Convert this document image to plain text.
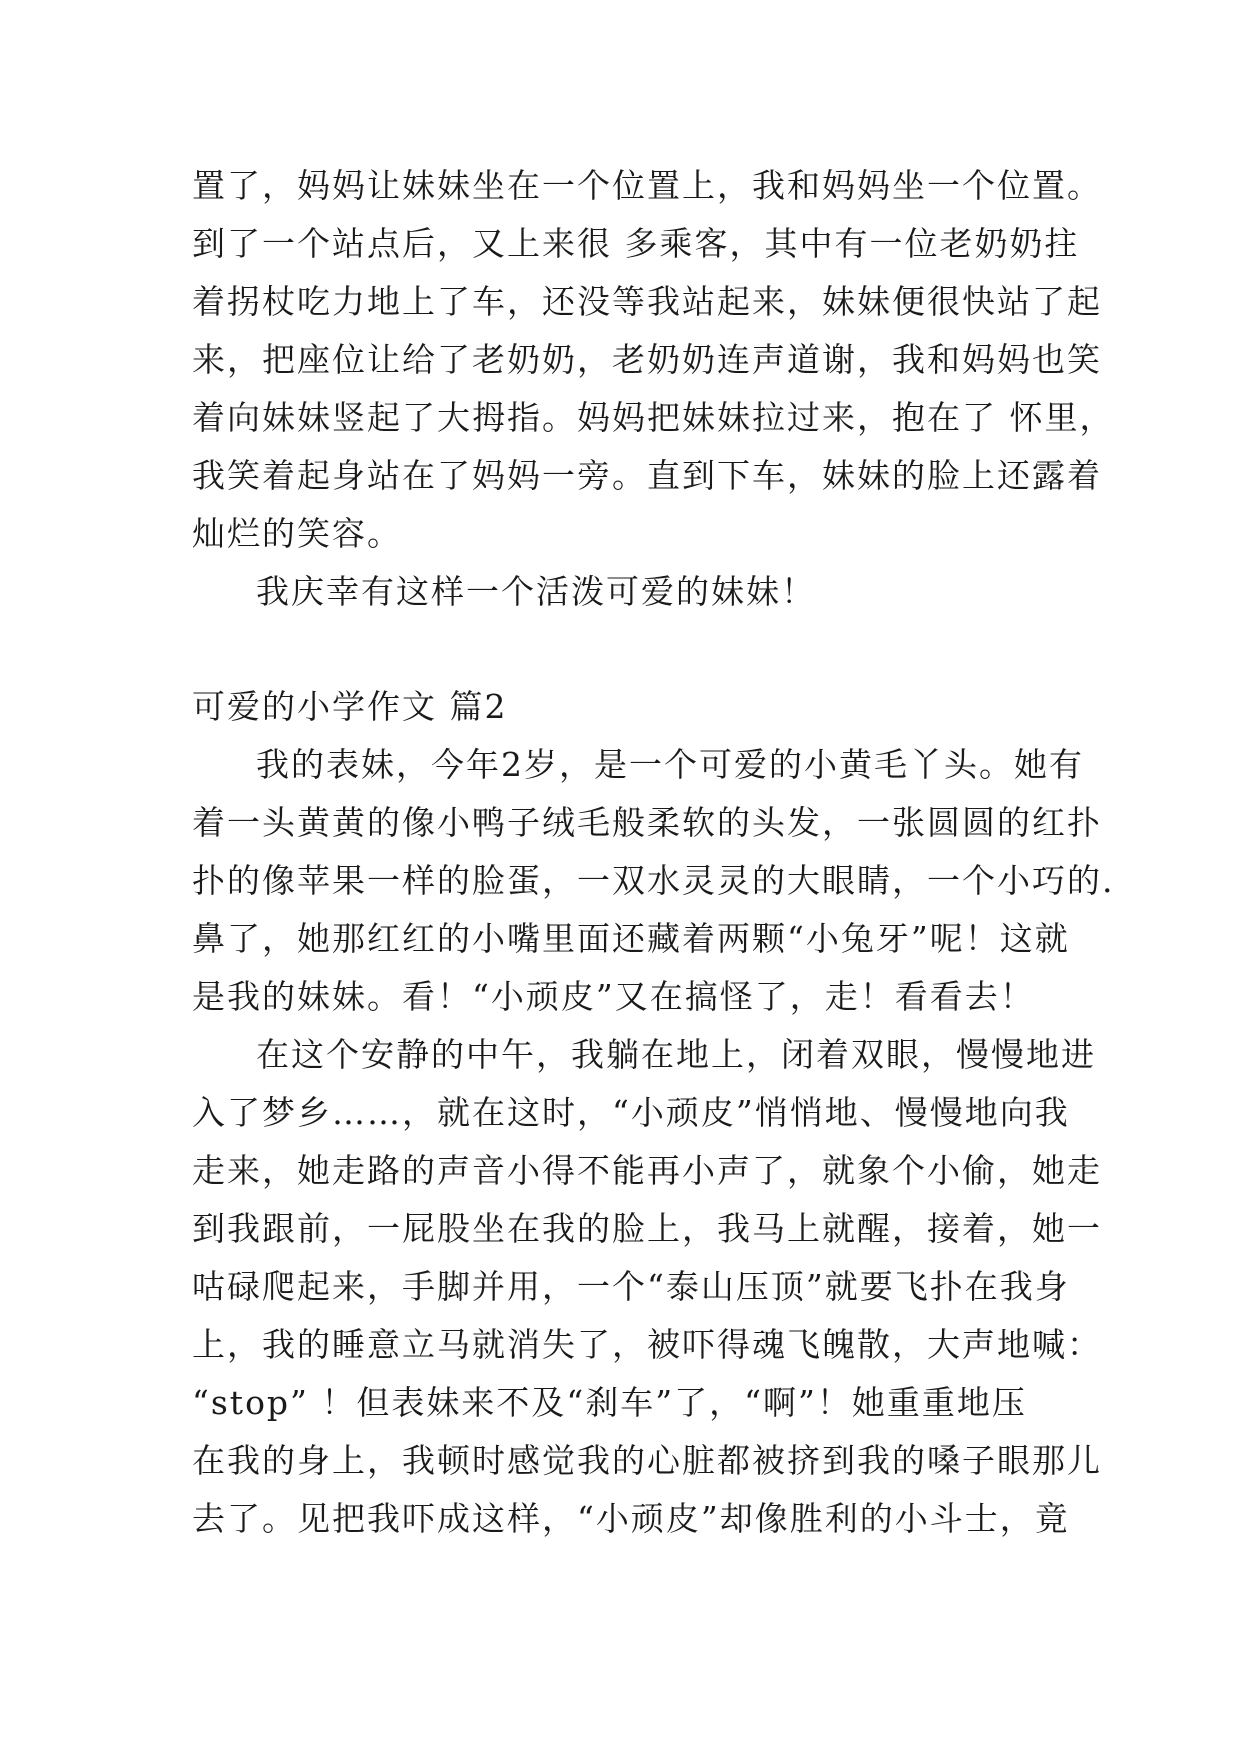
置了，妈妈让妹妹坐在一个位置上，我和妈妈坐一个位置。
到了一个站点后，又上来很 多乘客，其中有一位老奶奶拄
着拐杖吃力地上了车，还没等我站起来，妹妹便很快站了起
来，把座位让给了老奶奶，老奶奶连声道谢，我和妈妈也笑
着向妹妹竖起了大拇指。妈妈把妹妹拉过来，抱在了 怀里，
我笑着起身站在了妈妈一旁。直到下车，妹妹的脸上还露着
灿烂的笑容。
我庆幸有这样一个活泼可爱的妹妹！
可爱的小学作文 篇2
我的表妹，今年2岁，是一个可爱的小黄毛丫头。她有
着一头黄黄的像小鸭子绒毛般柔软的头发，一张圆圆的红扑
扑的像苹果一样的脸蛋，一双水灵灵的大眼睛，一个小巧的.
鼻了，她那红红的小嘴里面还藏着两颗“小兔牙”呢！这就
是我的妹妹。看！“小顽皮”又在搞怪了，走！看看去！
在这个安静的中午，我躺在地上，闭着双眼，慢慢地进
入了梦乡……，就在这时，“小顽皮”悄悄地、慢慢地向我
走来，她走路的声音小得不能再小声了，就象个小偷，她走
到我跟前，一屁股坐在我的脸上，我马上就醒，接着，她一
咕碌爬起来，手脚并用，一个“泰山压顶”就要飞扑在我身
上，我的睡意立马就消失了，被吓得魂飞魄散，大声地喊：
“stop” ！但表妹来不及“刹车”了，“啊”！她重重地压
在我的身上，我顿时感觉我的心脏都被挤到我的嗓子眼那儿
去了。见把我吓成这样，“小顽皮”却像胜利的小斗士，竟
